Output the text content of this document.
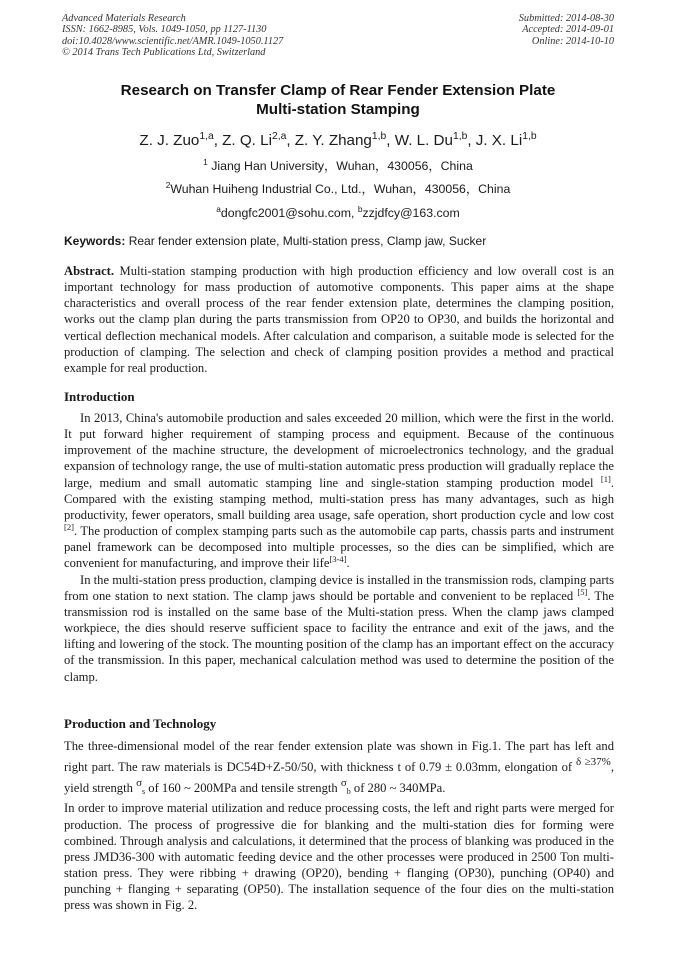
Advanced Materials Research
ISSN: 1662-8985, Vols. 1049-1050, pp 1127-1130
doi:10.4028/www.scientific.net/AMR.1049-1050.1127
© 2014 Trans Tech Publications Ltd, Switzerland
Submitted: 2014-08-30
Accepted: 2014-09-01
Online: 2014-10-10
Research on Transfer Clamp of Rear Fender Extension Plate
Multi-station Stamping
Z. J. Zuo$^{1,a}$, Z. Q. Li$^{2,a}$, Z. Y. Zhang$^{1,b}$, W. L. Du$^{1,b}$, J. X. Li$^{1,b}$
$^1$ Jiang Han University，Wuhan，430056，China
$^2$Wuhan Huiheng Industrial Co., Ltd.，Wuhan，430056，China
$^a$dongfc2001@sohu.com, $^b$zzjdfcy@163.com
Keywords: Rear fender extension plate, Multi-station press, Clamp jaw, Sucker

Abstract. Multi-station stamping production with high production efficiency and low overall cost is an important technology for mass production of automotive components. This paper aims at the shape characteristics and overall process of the rear fender extension plate, determines the clamping position, works out the clamp plan during the parts transmission from OP20 to OP30, and builds the horizontal and vertical deflection mechanical models. After calculation and comparison, a suitable mode is selected for the production of clamping. The selection and check of clamping position provides a method and practical example for real production.

Introduction

In 2013, China's automobile production and sales exceeded 20 million, which were the first in the world. It put forward higher requirement of stamping process and equipment. Because of the continuous improvement of the machine structure, the development of microelectronics technology, and the gradual expansion of technology range, the use of multi-station automatic press production will gradually replace the large, medium and small automatic stamping line and single-station stamping production model [1]. Compared with the existing stamping method, multi-station press has many advantages, such as high productivity, fewer operators, small building area usage, safe operation, short production cycle and low cost [2]. The production of complex stamping parts such as the automobile cap parts, chassis parts and instrument panel framework can be decomposed into multiple processes, so the dies can be simplified, which are convenient for manufacturing, and improve their life[3-4].

In the multi-station press production, clamping device is installed in the transmission rods, clamping parts from one station to next station. The clamp jaws should be portable and convenient to be replaced [5]. The transmission rod is installed on the same base of the Multi-station press. When the clamp jaws clamped workpiece, the dies should reserve sufficient space to facility the entrance and exit of the jaws, and the lifting and lowering of the stock. The mounting position of the clamp has an important effect on the accuracy of the transmission. In this paper, mechanical calculation method was used to determine the position of the clamp.

Production and Technology

The three-dimensional model of the rear fender extension plate was shown in Fig.1. The part has left and right part. The raw materials is DC54D+Z-50/50, with thickness t of 0.79 ± 0.03mm, elongation of δ ≥37%, yield strength $\sigma_s$ of 160 ~ 200MPa and tensile strength $\sigma_b$ of 280 ~ 340MPa.

In order to improve material utilization and reduce processing costs, the left and right parts were merged for production. The process of progressive die for blanking and the multi-station dies for forming were combined. Through analysis and calculations, it determined that the process of blanking was produced in the press JMD36-300 with automatic feeding device and the other processes were produced in 2500 Ton multi-station press. They were ribbing + drawing (OP20), bending + flanging (OP30), punching (OP40) and punching + flanging + separating (OP50). The installation sequence of the four dies on the multi-station press was shown in Fig. 2.
